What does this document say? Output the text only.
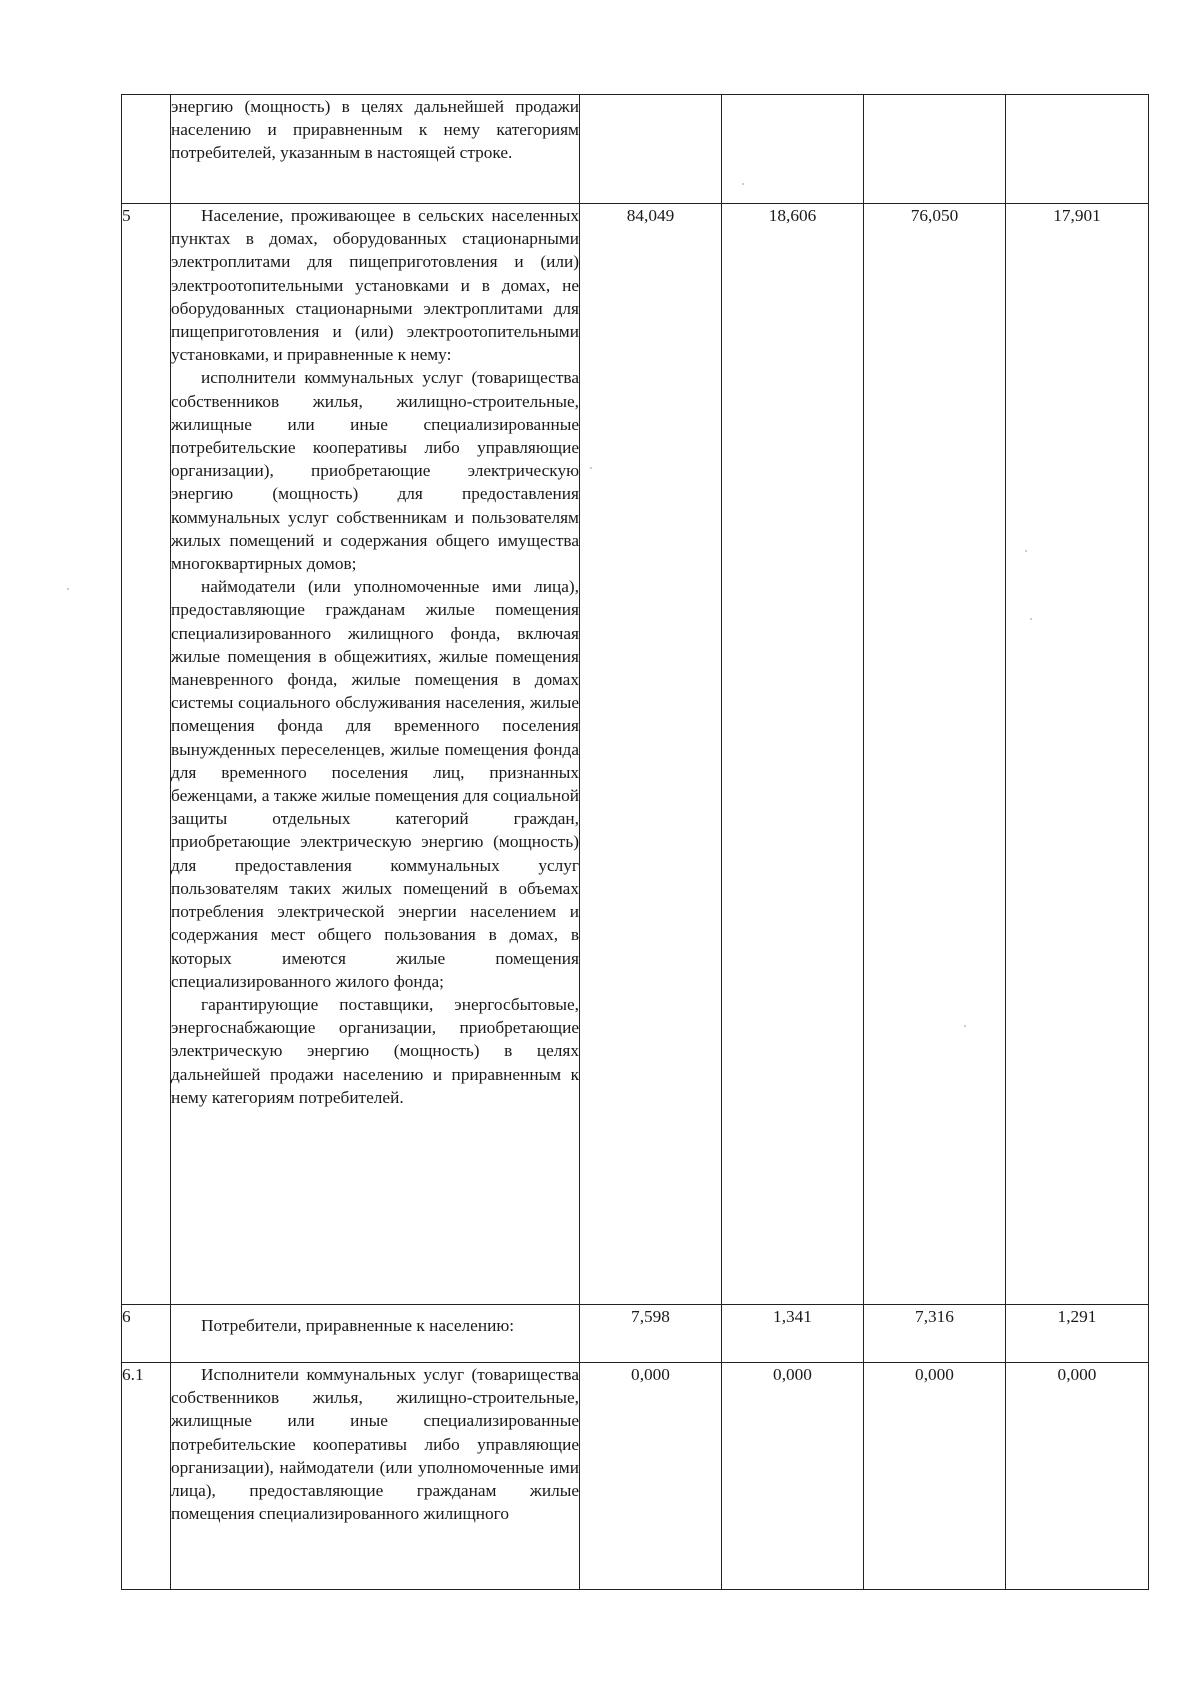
	энергию (мощность) в целях дальнейшей продажи населению и приравненным к нему категориям потребителей, указанным в настоящей строке.				

5	Население, проживающее в сельских населенных пунктах в домах, оборудованных стационарными электроплитами для пищеприготовления и (или) электроотопительными установками и в домах, не оборудованных стационарными электроплитами для пищеприготовления и (или) электроотопительными установками, и приравненные к нему:
исполнители коммунальных услуг (товарищества собственников жилья, жилищно-строительные, жилищные или иные специализированные потребительские кооперативы либо управляющие организации), приобретающие электрическую энергию (мощность) для предоставления коммунальных услуг собственникам и пользователям жилых помещений и содержания общего имущества многоквартирных домов;
наймодатели (или уполномоченные ими лица), предоставляющие гражданам жилые помещения специализированного жилищного фонда, включая жилые помещения в общежитиях, жилые помещения маневренного фонда, жилые помещения в домах системы социального обслуживания населения, жилые помещения фонда для временного поселения вынужденных переселенцев, жилые помещения фонда для временного поселения лиц, признанных беженцами, а также жилые помещения для социальной защиты отдельных категорий граждан, приобретающие электрическую энергию (мощность) для предоставления коммунальных услуг пользователям таких жилых помещений в объемах потребления электрической энергии населением и содержания мест общего пользования в домах, в которых имеются жилые помещения специализированного жилого фонда;
гарантирующие поставщики, энергосбытовые, энергоснабжающие организации, приобретающие электрическую энергию (мощность) в целях дальнейшей продажи населению и приравненным к нему категориям потребителей.	84,049	18,606	76,050	17,901
6	Потребители, приравненные к населению:	7,598	1,341	7,316	1,291
6.1	Исполнители коммунальных услуг (товарищества собственников жилья, жилищно-строительные, жилищные или иные специализированные потребительские кооперативы либо управляющие организации), наймодатели (или уполномоченные ими лица), предоставляющие гражданам жилые помещения специализированного жилищного	0,000	0,000	0,000	0,000
